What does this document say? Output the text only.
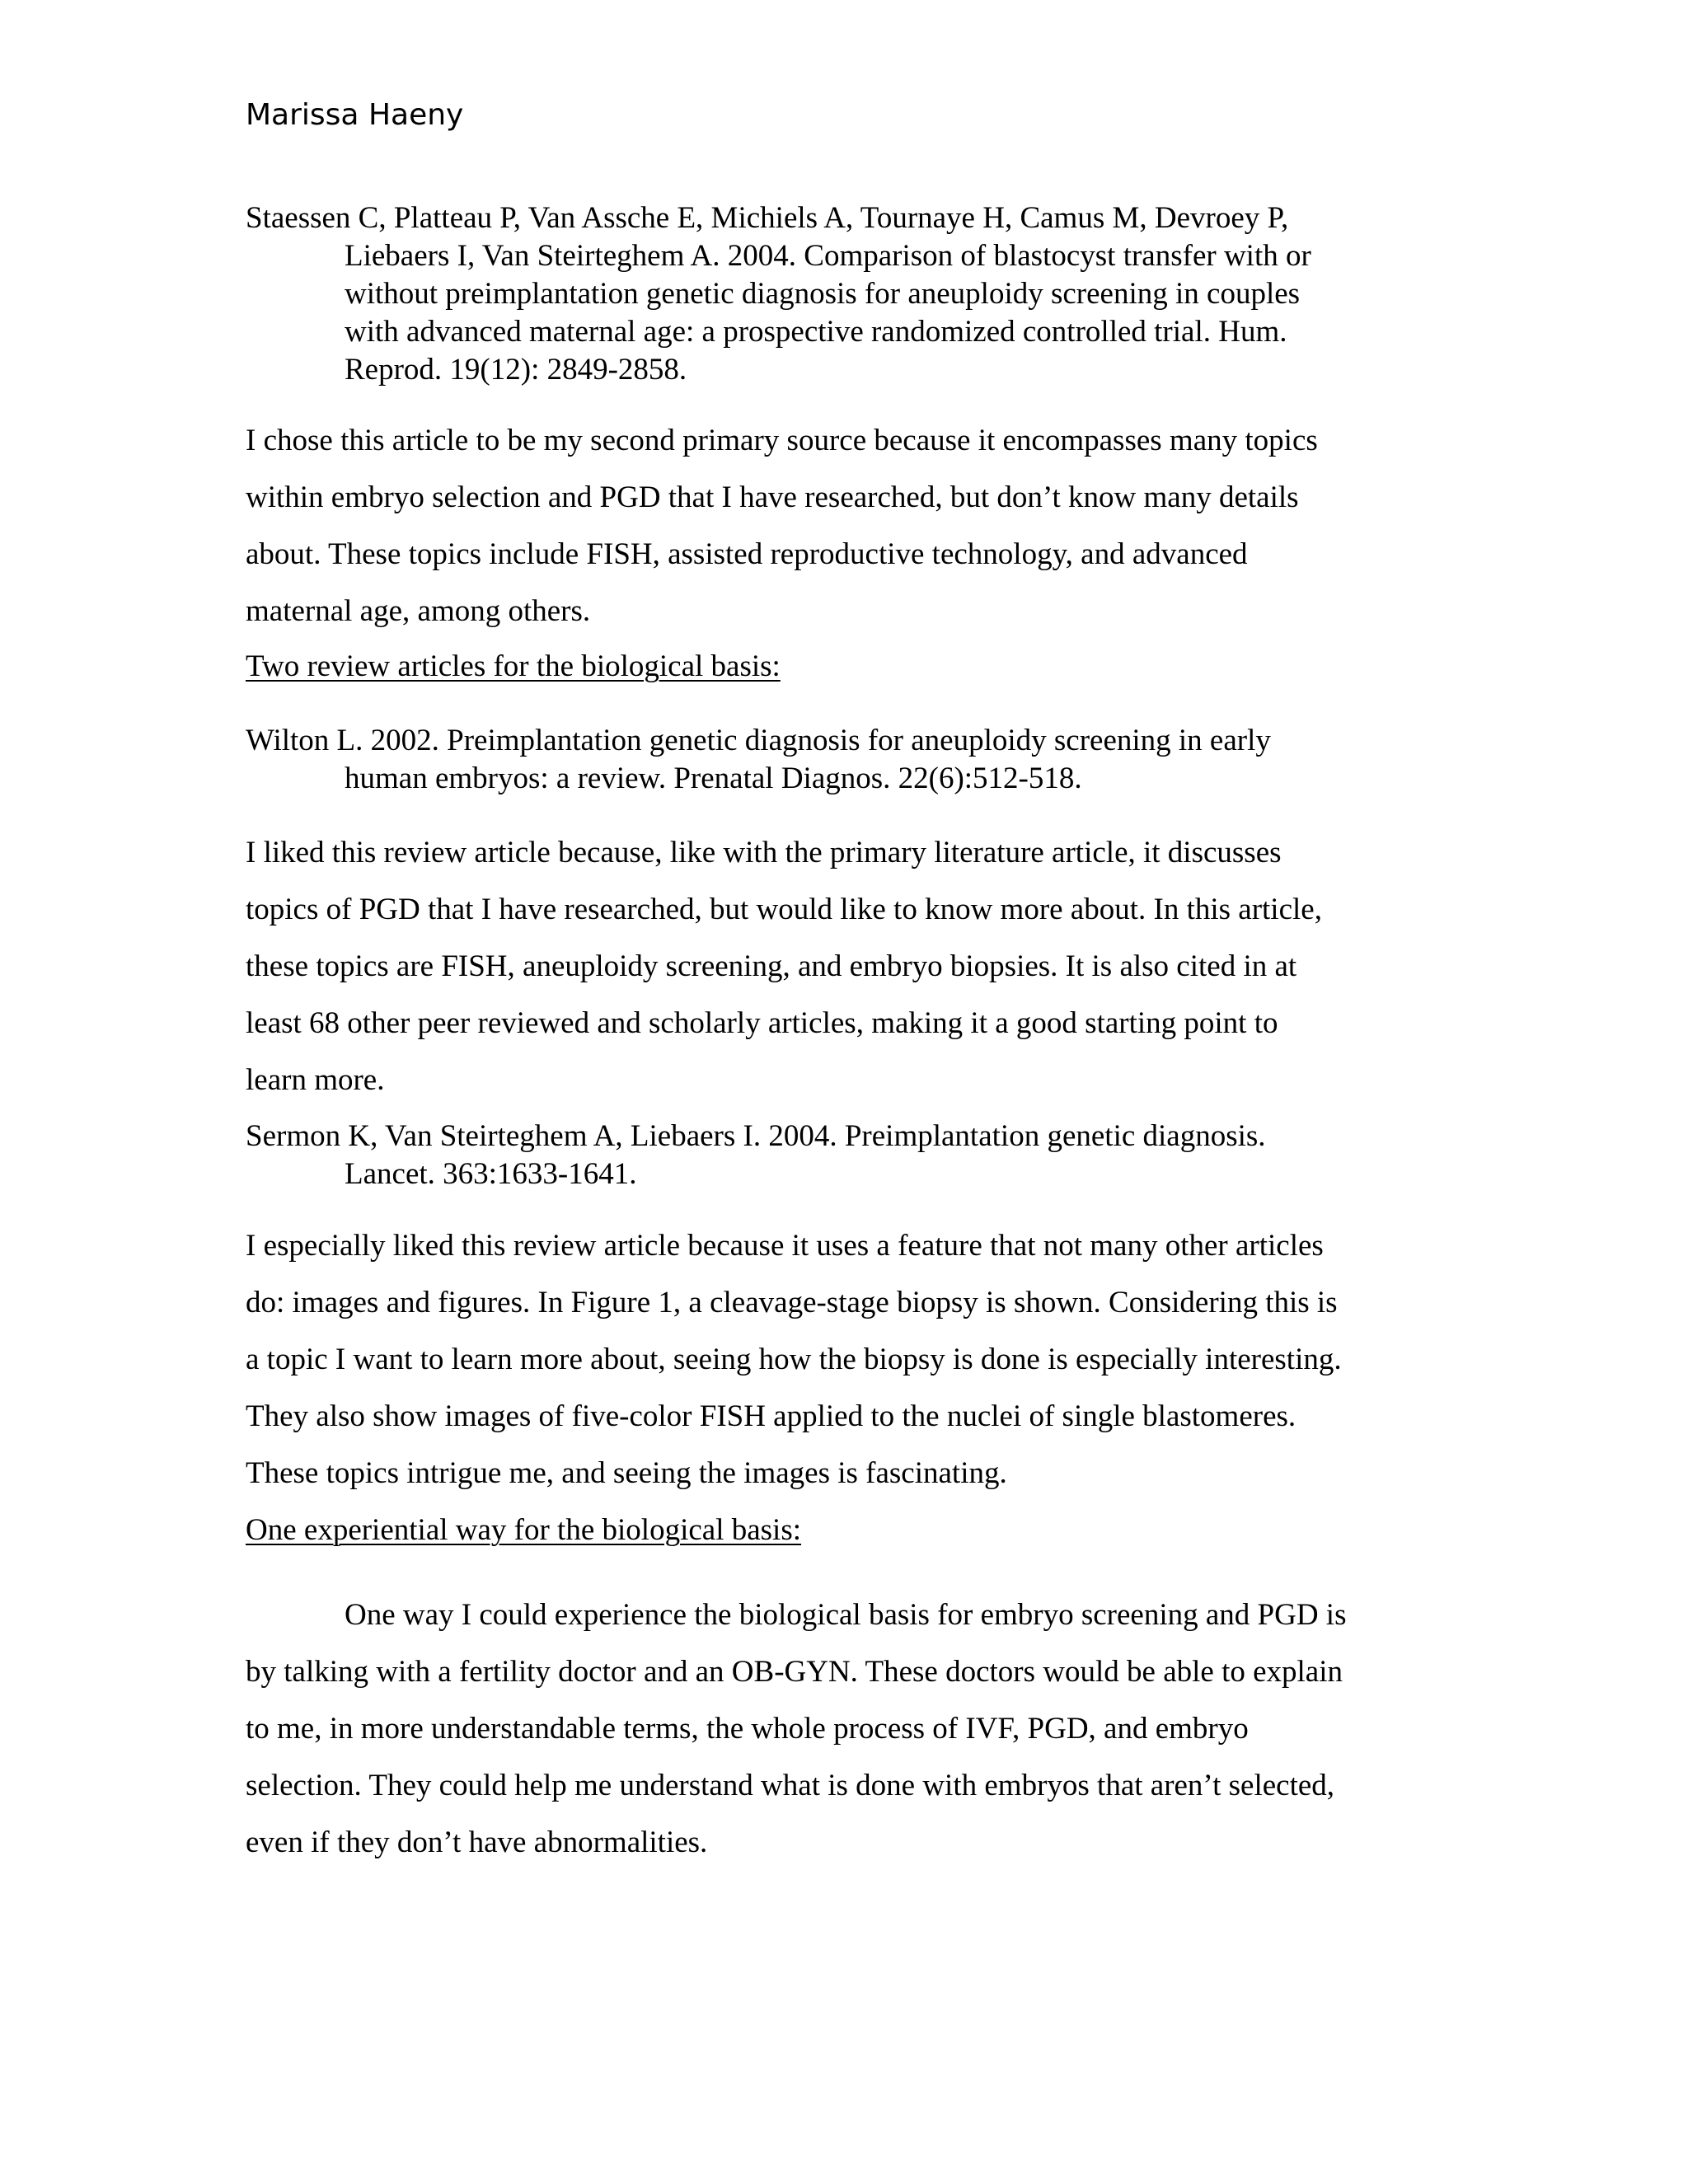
Marissa Haeny
Staessen C, Platteau P, Van Assche E, Michiels A, Tournaye H, Camus M, Devroey P,
Liebaers I, Van Steirteghem A. 2004. Comparison of blastocyst transfer with or
without preimplantation genetic diagnosis for aneuploidy screening in couples
with advanced maternal age: a prospective randomized controlled trial. Hum.
Reprod. 19(12): 2849-2858.
I chose this article to be my second primary source because it encompasses many topics
within embryo selection and PGD that I have researched, but don’t know many details
about. These topics include FISH, assisted reproductive technology, and advanced
maternal age, among others.
Two review articles for the biological basis:
Wilton L. 2002. Preimplantation genetic diagnosis for aneuploidy screening in early
human embryos: a review. Prenatal Diagnos. 22(6):512-518.
I liked this review article because, like with the primary literature article, it discusses
topics of PGD that I have researched, but would like to know more about. In this article,
these topics are FISH, aneuploidy screening, and embryo biopsies. It is also cited in at
least 68 other peer reviewed and scholarly articles, making it a good starting point to
learn more.
Sermon K, Van Steirteghem A, Liebaers I. 2004. Preimplantation genetic diagnosis.
Lancet. 363:1633-1641.
I especially liked this review article because it uses a feature that not many other articles
do: images and figures. In Figure 1, a cleavage-stage biopsy is shown. Considering this is
a topic I want to learn more about, seeing how the biopsy is done is especially interesting.
They also show images of five-color FISH applied to the nuclei of single blastomeres.
These topics intrigue me, and seeing the images is fascinating.
One experiential way for the biological basis:
One way I could experience the biological basis for embryo screening and PGD is
by talking with a fertility doctor and an OB-GYN. These doctors would be able to explain
to me, in more understandable terms, the whole process of IVF, PGD, and embryo
selection. They could help me understand what is done with embryos that aren’t selected,
even if they don’t have abnormalities.
